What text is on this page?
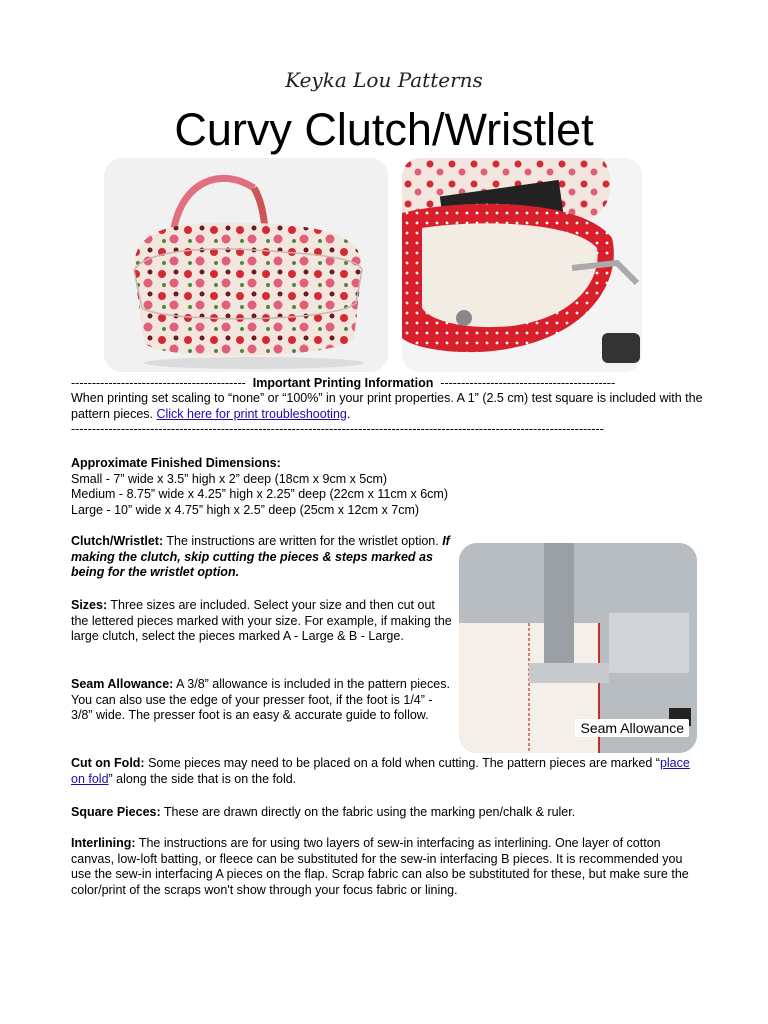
Keyka Lou Patterns
Curvy Clutch/Wristlet
------------------------------------------ Important Printing Information ------------------------------------------
When printing set scaling to “none” or “100%” in your print properties. A 1” (2.5 cm) test square is included with the pattern pieces. Click here for print troubleshooting.
--------------------------------------------------------------------------------------------------------------------------------

Approximate Finished Dimensions:

Small - 7” wide x 3.5” high x 2” deep (18cm x 9cm x 5cm)

Medium - 8.75” wide x 4.25” high x 2.25” deep (22cm x 11cm x 6cm)

Large - 10” wide x 4.75” high x 2.5” deep (25cm x 12cm x 7cm)

Clutch/Wristlet: The instructions are written for the wristlet option. If making the clutch, skip cutting the pieces & steps marked as being for the wristlet option.
Sizes: Three sizes are included. Select your size and then cut out the lettered pieces marked with your size. For example, if making the large clutch, select the pieces marked A - Large & B - Large.
Seam Allowance: A 3/8” allowance is included in the pattern pieces. You can also use the edge of your presser foot, if the foot is 1/4” - 3/8” wide. The presser foot is an easy & accurate guide to follow.
Seam Allowance
Cut on Fold: Some pieces may need to be placed on a fold when cutting. The pattern pieces are marked “place on fold” along the side that is on the fold.
Square Pieces: These are drawn directly on the fabric using the marking pen/chalk & ruler.
Interlining: The instructions are for using two layers of sew-in interfacing as interlining. One layer of cotton canvas, low-loft batting, or fleece can be substituted for the sew-in interfacing B pieces. It is recommended you use the sew-in interfacing A pieces on the flap. Scrap fabric can also be substituted for these, but make sure the color/print of the scraps won't show through your focus fabric or lining.
